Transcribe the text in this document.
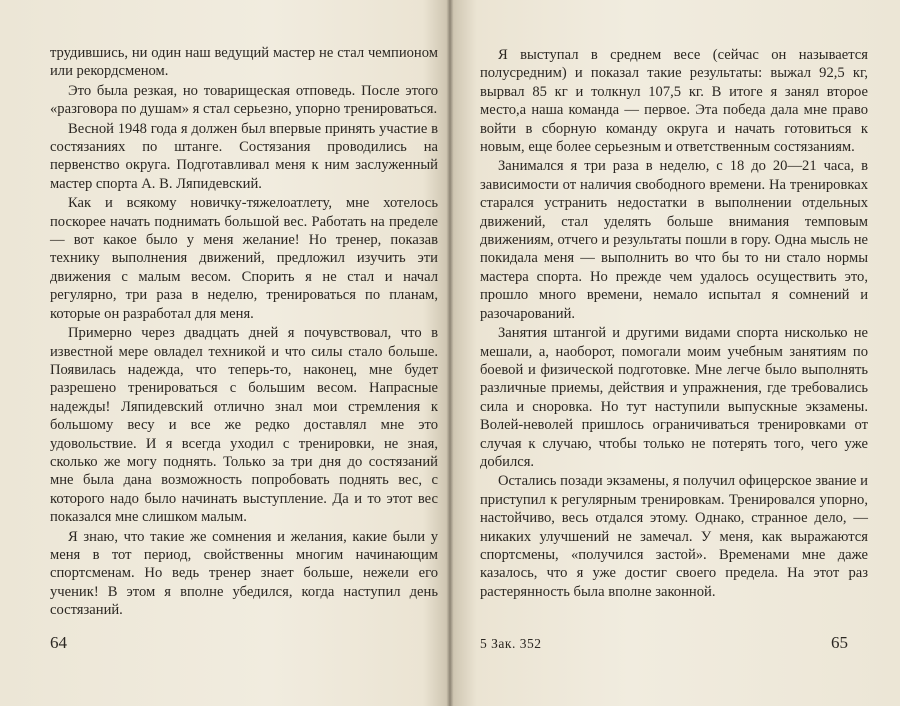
трудившись, ни один наш ведущий мастер не стал чемпионом или рекордсменом.

Это была резкая, но товарищеская отповедь. После этого «разговора по душам» я стал серьезно, упорно тренироваться.

Весной 1948 года я должен был впервые принять участие в состязаниях по штанге. Состязания проводились на первенство округа. Подготавливал меня к ним заслуженный мастер спорта А. В. Ляпидевский.

Как и всякому новичку-тяжелоатлету, мне хотелось поскорее начать поднимать большой вес. Работать на пределе — вот какое было у меня желание! Но тренер, показав технику выполнения движений, предложил изучить эти движения с малым весом. Спорить я не стал и начал регулярно, три раза в неделю, тренироваться по планам, которые он разработал для меня.

Примерно через двадцать дней я почувствовал, что в известной мере овладел техникой и что силы стало больше. Появилась надежда, что теперь-то, наконец, мне будет разрешено тренироваться с большим весом. Напрасные надежды! Ляпидевский отлично знал мои стремления к большому весу и все же редко доставлял мне это удовольствие. И я всегда уходил с тренировки, не зная, сколько же могу поднять. Только за три дня до состязаний мне была дана возможность попробовать поднять вес, с которого надо было начинать выступление. Да и то этот вес показался мне слишком малым.

Я знаю, что такие же сомнения и желания, какие были у меня в тот период, свойственны многим начинающим спортсменам. Но ведь тренер знает больше, нежели его ученик! В этом я вполне убедился, когда наступил день состязаний.

64

Я выступал в среднем весе (сейчас он называется полусредним) и показал такие результаты: выжал 92,5 кг, вырвал 85 кг и толкнул 107,5 кг. В итоге я занял второе место,а наша команда — первое. Эта победа дала мне право войти в сборную команду округа и начать готовиться к новым, еще более серьезным и ответственным состязаниям.

Занимался я три раза в неделю, с 18 до 20—21 часа, в зависимости от наличия свободного времени. На тренировках старался устранить недостатки в выполнении отдельных движений, стал уделять больше внимания темповым движениям, отчего и результаты пошли в гору. Одна мысль не покидала меня — выполнить во что бы то ни стало нормы мастера спорта. Но прежде чем удалось осуществить это, прошло много времени, немало испытал я сомнений и разочарований.

Занятия штангой и другими видами спорта нисколько не мешали, а, наоборот, помогали моим учебным занятиям по боевой и физической подготовке. Мне легче было выполнять различные приемы, действия и упражнения, где требовались сила и сноровка. Но тут наступили выпускные экзамены. Волей-неволей пришлось ограничиваться тренировками от случая к случаю, чтобы только не потерять того, чего уже добился.

Остались позади экзамены, я получил офицерское звание и приступил к регулярным тренировкам. Тренировался упорно, настойчиво, весь отдался этому. Однако, странное дело, — никаких улучшений не замечал. У меня, как выражаются спортсмены, «получился застой». Временами мне даже казалось, что я уже достиг своего предела. На этот раз растерянность была вполне законной.

5 Зак. 352	65
